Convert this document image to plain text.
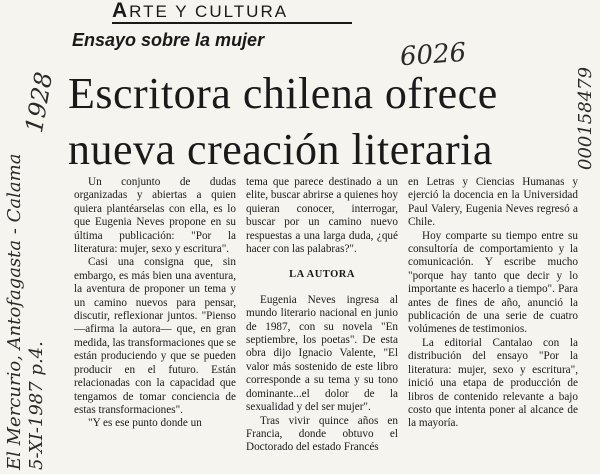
ARTE Y CULTURA
Ensayo sobre la mujer
Escritora chilena ofrece
nueva creación literaria

Un conjunto de dudas organizadas y abiertas a quien quiera plantéarselas con ella, es lo que Eugenia Neves propone en su última publicación: "Por la literatura: mujer, sexo y escritura".

Casi una consigna que, sin embargo, es más bien una aventura, la aventura de proponer un tema y un camino nuevos para pensar, discutir, reflexionar juntos. "Pienso —afirma la autora— que, en gran medida, las transformaciones que se están produciendo y que se pueden producir en el futuro. Están relacionadas con la capacidad que tengamos de tomar conciencia de estas transformaciones".

"Y es ese punto donde un

tema que parece destinado a un elite, buscar abrirse a quienes hoy quieran conocer, interrogar, buscar por un camino nuevo respuestas a una larga duda, ¿qué hacer con las palabras?".

LA AUTORA

Eugenia Neves ingresa al mundo literario nacional en junio de 1987, con su novela "En septiembre, los poetas". De esta obra dijo Ignacio Valente, "El valor más sostenido de este libro corresponde a su tema y su tono dominante...el dolor de la sexualidad y del ser mujer".

Tras vivir quince años en Francia, donde obtuvo el Doctorado del estado Francés

en Letras y Ciencias Humanas y ejerció la docencia en la Universidad Paul Valery, Eugenia Neves regresó a Chile.

Hoy comparte su tiempo entre su consultoría de comportamiento y la comunicación. Y escribe mucho "porque hay tanto que decir y lo importante es hacerlo a tiempo". Para antes de fines de año, anunció la publicación de una serie de cuatro volúmenes de testimonios.

La editorial Cantalao con la distribución del ensayo "Por la literatura: mujer, sexo y escritura", inició una etapa de producción de libros de contenido relevante a bajo costo que intenta poner al alcance de la mayoría.

1928
El Mercurio, Antofagasta - Calama 5-XI-1987 p.4.
6026
000158479
